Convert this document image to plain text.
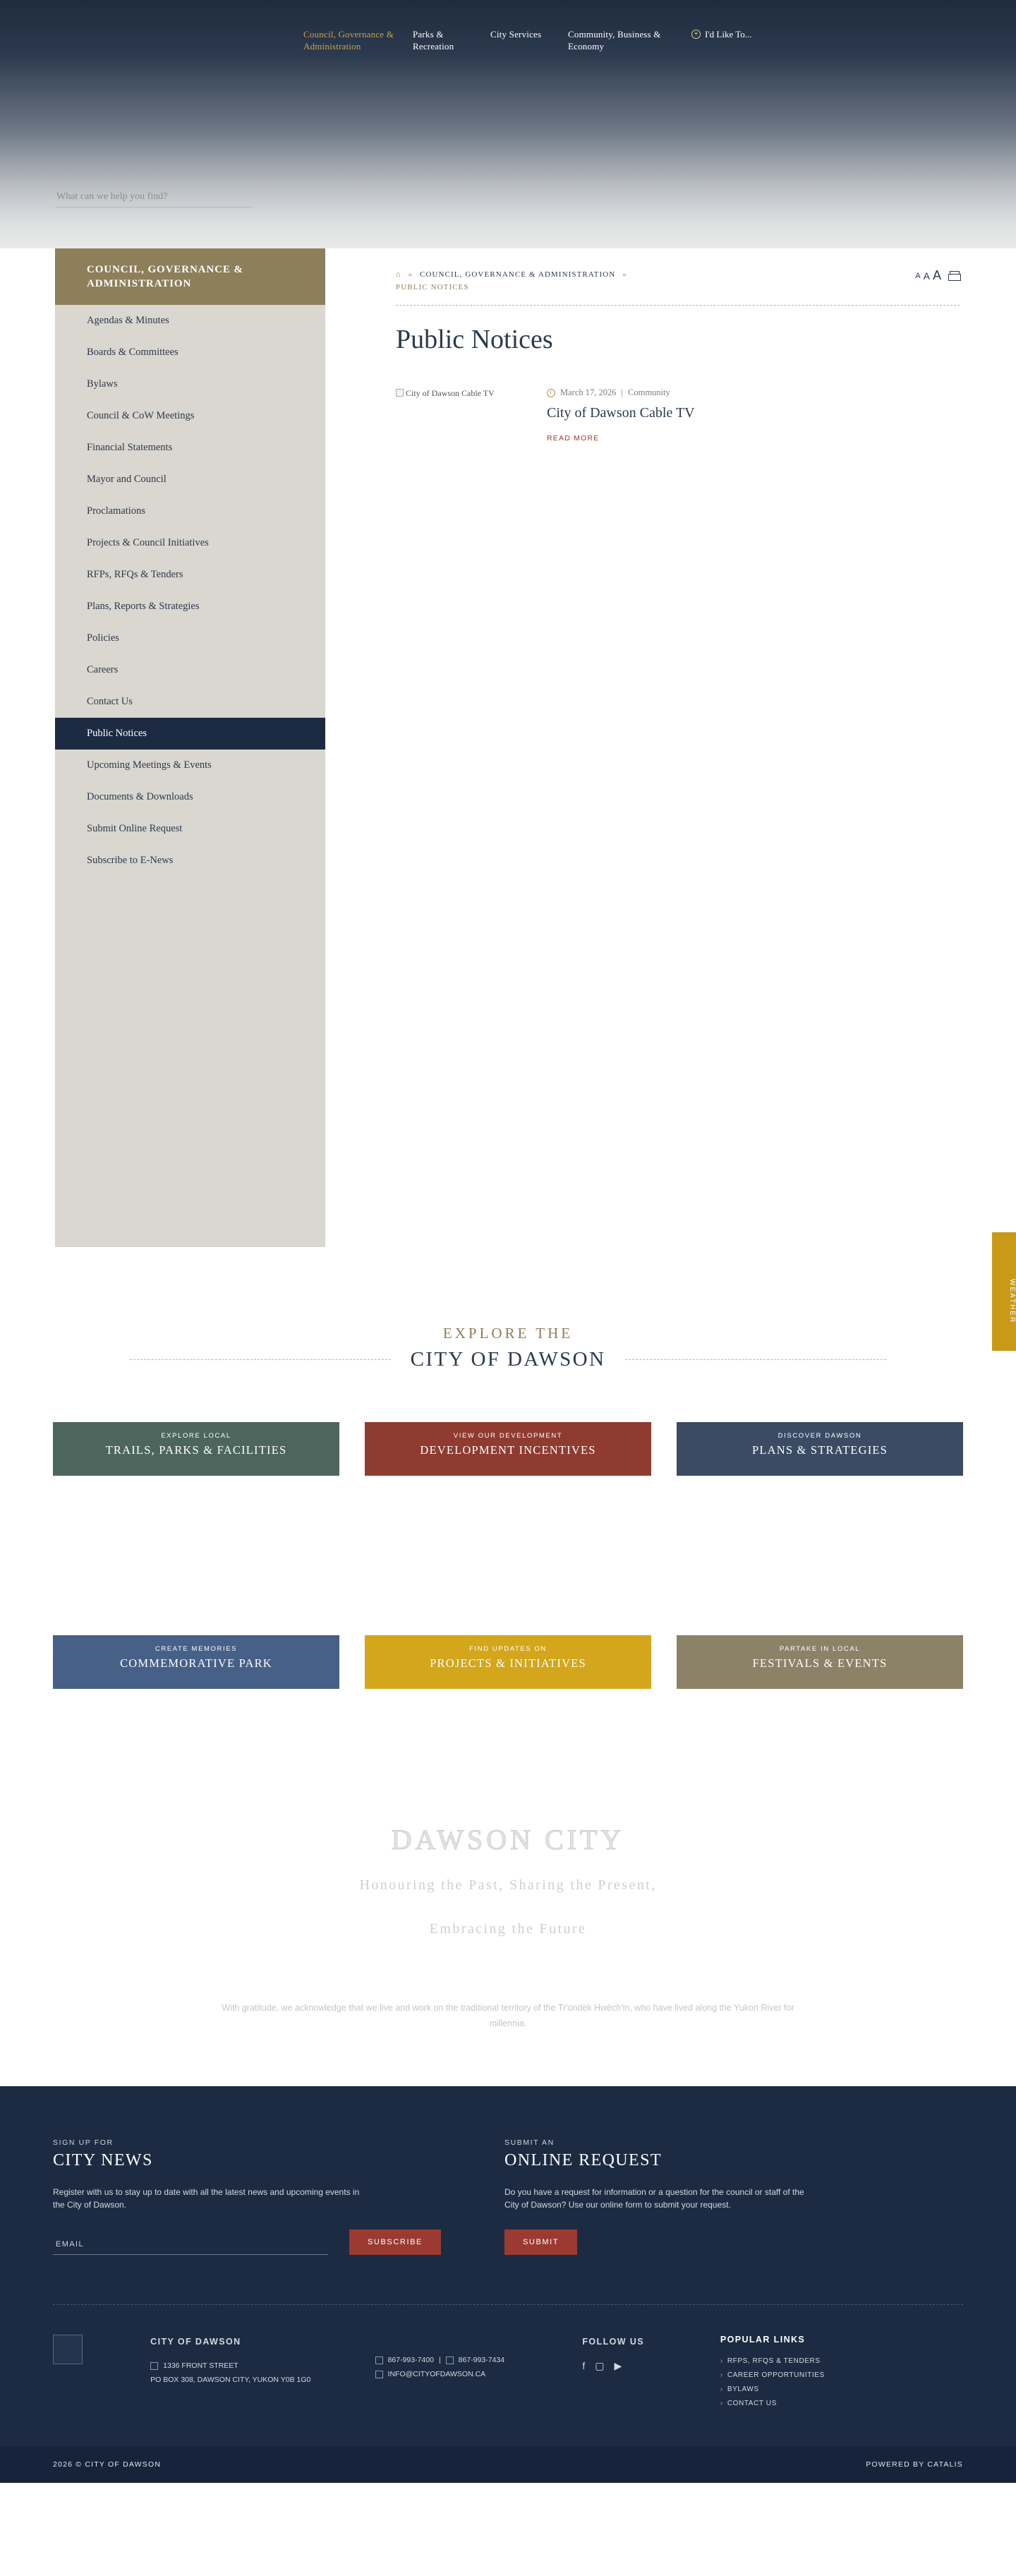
Council, Governance & Administration
Parks & Recreation
City Services	Community, Business & Economy
+ I'd Like To...
What can we help you find?
COUNCIL, GOVERNANCE & ADMINISTRATION
Agendas & Minutes
Boards & Committees
Bylaws
Council & CoW Meetings
Financial Statements
Mayor and Council
Proclamations
Projects & Council Initiatives
RFPs, RFQs & Tenders
Plans, Reports & Strategies
Policies
Careers
Contact Us
Public Notices
Upcoming Meetings & Events
Documents & Downloads
Submit Online Request
Subscribe to E-News
⌂ » COUNCIL, GOVERNANCE & ADMINISTRATION »
PUBLIC NOTICES
A A A
Public Notices
City of Dawson Cable TV	March 17, 2026 | Community
City of Dawson Cable TV
READ MORE
WEATHER
EXPLORE THE
CITY OF DAWSON
EXPLORE LOCAL
TRAILS, PARKS & FACILITIES
VIEW OUR DEVELOPMENT
DEVELOPMENT INCENTIVES
DISCOVER DAWSON
PLANS & STRATEGIES
CREATE MEMORIES
COMMEMORATIVE PARK
FIND UPDATES ON
PROJECTS & INITIATIVES
PARTAKE IN LOCAL
FESTIVALS & EVENTS
DAWSON CITY
Honouring the Past, Sharing the Present,
Embracing the Future
With gratitude, we acknowledge that we live and work on the traditional territory of the Tr'ondëk Hwëch'in, who have lived along the Yukon River for millennia.
SIGN UP FOR
CITY NEWS

Register with us to stay up to date with all the latest news and upcoming events in the City of Dawson.

EMAIL
SUBSCRIBE
SUBMIT AN
ONLINE REQUEST

Do you have a request for information or a question for the council or staff of the City of Dawson? Use our online form to submit your request.

SUBMIT
CITY OF DAWSON
1336 FRONT STREET
PO BOX 308, DAWSON CITY, YUKON Y0B 1G0
867-993-7400 | 867-993-7434
INFO@CITYOFDAWSON.CA
FOLLOW US
f ▢ ▶
POPULAR LINKS
› RFPS, RFQS & TENDERS
› CAREER OPPORTUNITIES
› BYLAWS
› CONTACT US
2026 © CITY OF DAWSON	POWERED BY CATALIS
